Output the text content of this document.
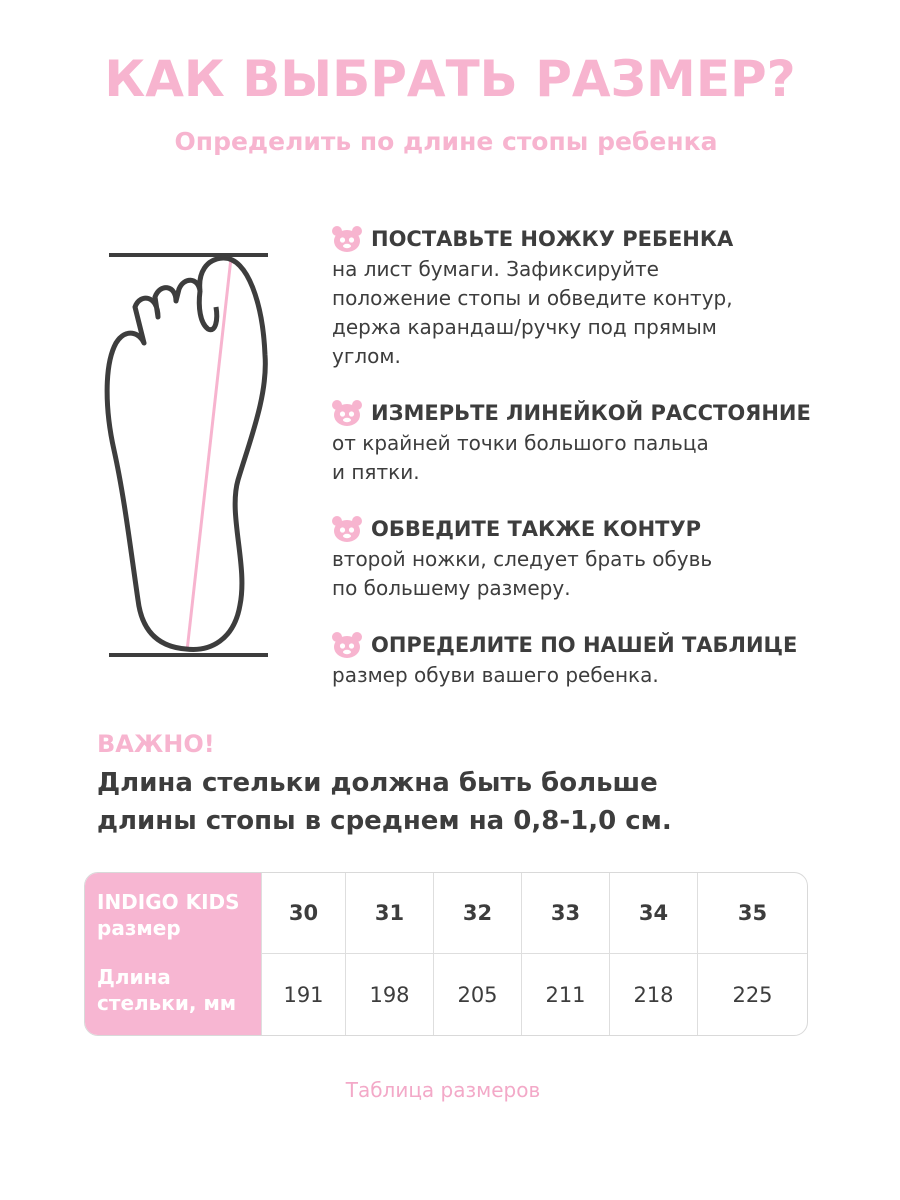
КАК ВЫБРАТЬ РАЗМЕР?
Определить по длине стопы ребенка
ПОСТАВЬТЕ НОЖКУ РЕБЕНКА
на лист бумаги. Зафиксируйте
положение стопы и обведите контур,
держа карандаш/ручку под прямым
углом.
ИЗМЕРЬТЕ ЛИНЕЙКОЙ РАССТОЯНИЕ
от крайней точки большого пальца
и пятки.
ОБВЕДИТЕ ТАКЖЕ КОНТУР
второй ножки, следует брать обувь
по большему размеру.
ОПРЕДЕЛИТЕ ПО НАШЕЙ ТАБЛИЦЕ
размер обуви вашего ребенка.
ВАЖНО!
Длина стельки должна быть больше
длины стопы в среднем на 0,8-1,0 см.
INDIGO KIDS
размер
Длина
стельки, мм
30
191
31
198
32
205
33
211
34
218
35
225
Таблица размеров
